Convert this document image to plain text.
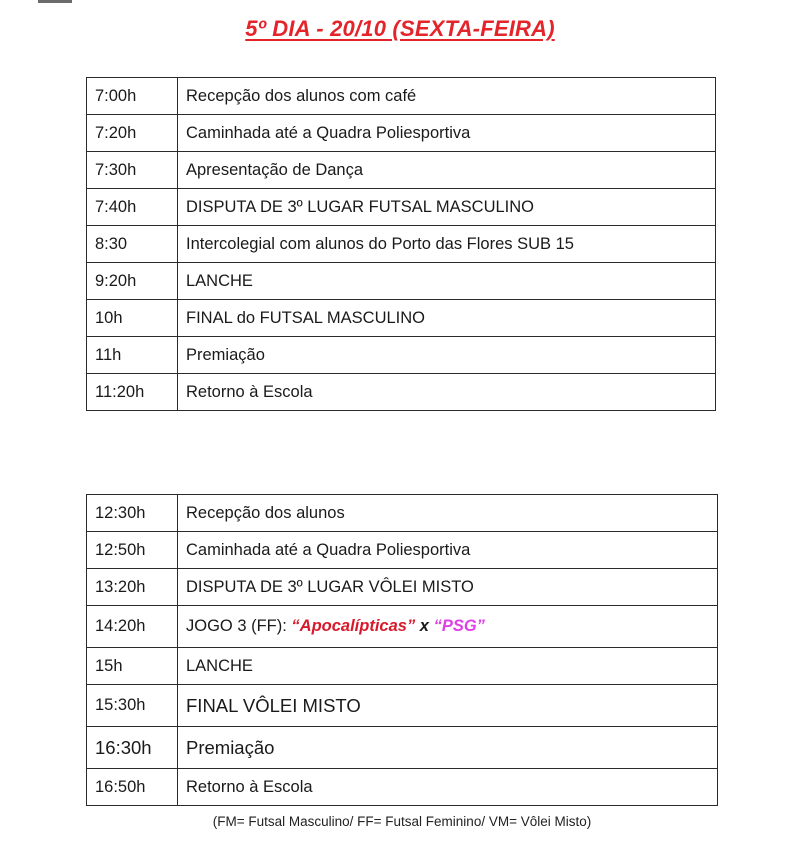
5º DIA - 20/10 (SEXTA-FEIRA)
7:00h	Recepção dos alunos com café
7:20h	Caminhada até a Quadra Poliesportiva
7:30h	Apresentação de Dança
7:40h	DISPUTA DE 3º LUGAR FUTSAL MASCULINO
8:30	Intercolegial com alunos do Porto das Flores SUB 15
9:20h	LANCHE
10h	FINAL do FUTSAL MASCULINO
11h	Premiação
11:20h	Retorno à Escola
12:30h	Recepção dos alunos
12:50h	Caminhada até a Quadra Poliesportiva
13:20h	DISPUTA DE 3º LUGAR VÔLEI MISTO
14:20h	JOGO 3 (FF): “Apocalípticas” x “PSG”
15h	LANCHE
15:30h	FINAL VÔLEI MISTO
16:30h	Premiação
16:50h	Retorno à Escola
(FM= Futsal Masculino/ FF= Futsal Feminino/ VM= Vôlei Misto)
